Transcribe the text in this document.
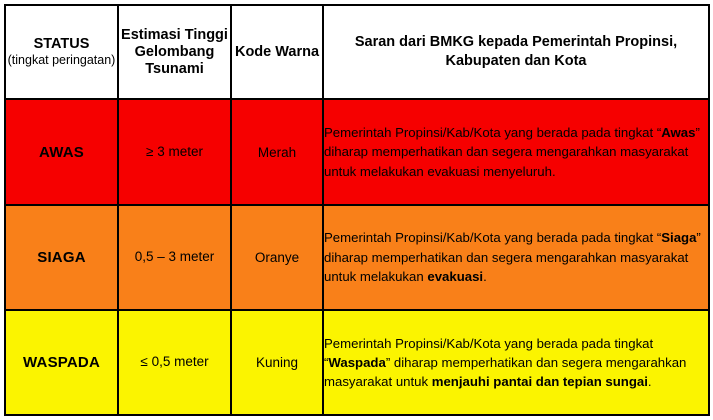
STATUS
(tingkat peringatan)	Estimasi Tinggi Gelombang Tsunami	Kode Warna	Saran dari BMKG kepada Pemerintah Propinsi, Kabupaten dan Kota
AWAS	≥ 3 meter	Merah	Pemerintah Propinsi/Kab/Kota yang berada pada tingkat “Awas” diharap memperhatikan dan segera mengarahkan masyarakat untuk melakukan evakuasi menyeluruh.
SIAGA	0,5 – 3 meter	Oranye	Pemerintah Propinsi/Kab/Kota yang berada pada tingkat “Siaga” diharap memperhatikan dan segera mengarahkan masyarakat untuk melakukan evakuasi.
WASPADA	≤ 0,5 meter	Kuning	Pemerintah Propinsi/Kab/Kota yang berada pada tingkat “Waspada” diharap memperhatikan dan segera mengarahkan masyarakat untuk menjauhi pantai dan tepian sungai.
